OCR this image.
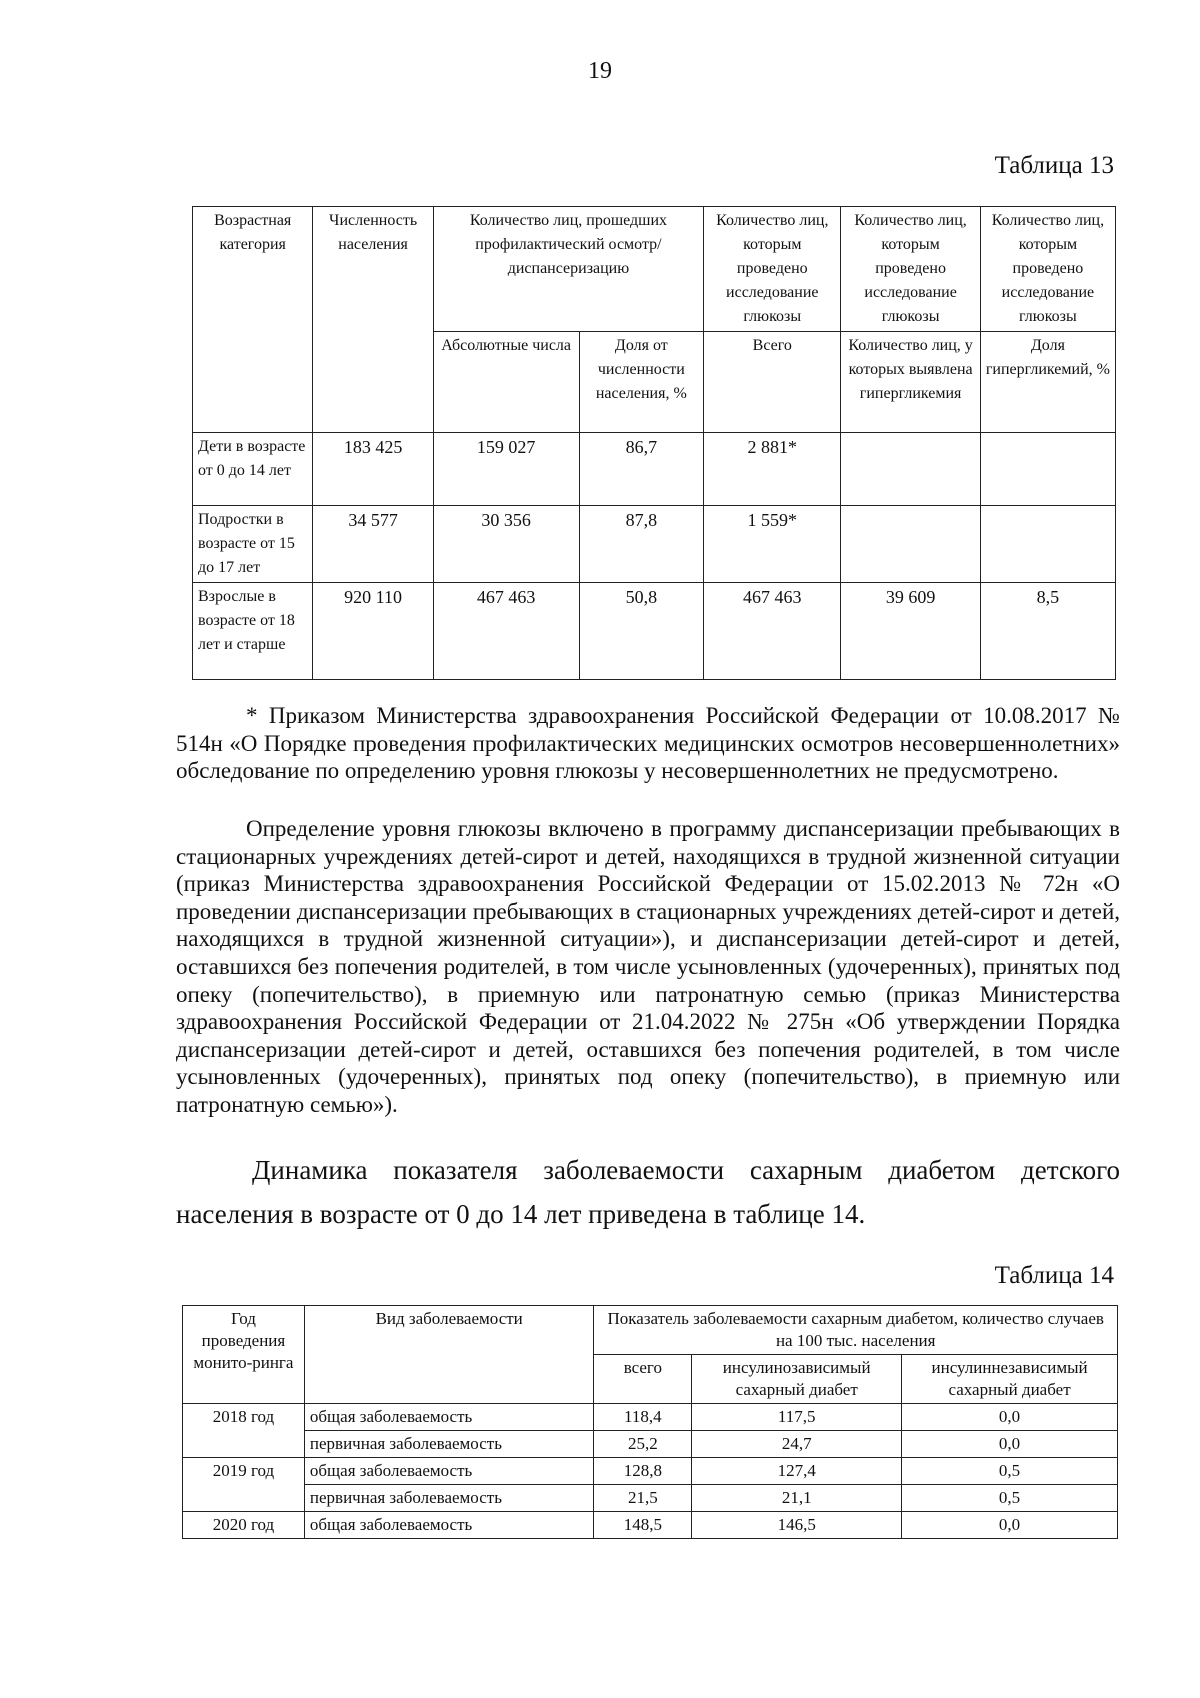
19
Таблица 13
Возрастная категория	Численность населения	Количество лиц, прошедших профилактический осмотр/ диспансеризацию		Количество лиц, которым проведено исследование глюкозы	Количество лиц, которым проведено исследование глюкозы	Количество лиц, которым проведено исследование глюкозы
		Абсолютные числа	Доля от численности населения, %	Всего	Количество лиц, у которых выявлена гипергликемия	Доля гипергликемий, %
Дети в возрасте от 0 до 14 лет	183 425	159 027	86,7	2 881*		
Подростки в возрасте от 15 до 17 лет	34 577	30 356	87,8	1 559*		
Взрослые в возрасте от 18 лет и старше	920 110	467 463	50,8	467 463	39 609	8,5
* Приказом Министерства здравоохранения Российской Федерации от 10.08.2017 № 514н «О Порядке проведения профилактических медицинских осмотров несовершеннолетних» обследование по определению уровня глюкозы у несовершеннолетних не предусмотрено.
Определение уровня глюкозы включено в программу диспансеризации пребывающих в стационарных учреждениях детей-сирот и детей, находящихся в трудной жизненной ситуации (приказ Министерства здравоохранения Российской Федерации от 15.02.2013 № 72н «О проведении диспансеризации пребывающих в стационарных учреждениях детей-сирот и детей, находящихся в трудной жизненной ситуации»), и диспансеризации детей-сирот и детей, оставшихся без попечения родителей, в том числе усыновленных (удочеренных), принятых под опеку (попечительство), в приемную или патронатную семью (приказ Министерства здравоохранения Российской Федерации от 21.04.2022 № 275н «Об утверждении Порядка диспансеризации детей-сирот и детей, оставшихся без попечения родителей, в том числе усыновленных (удочеренных), принятых под опеку (попечительство), в приемную или патронатную семью»).
Динамика показателя заболеваемости сахарным диабетом детского населения в возрасте от 0 до 14 лет приведена в таблице 14.
Таблица 14
Год проведения монито-ринга	Вид заболеваемости	Показатель заболеваемости сахарным диабетом, количество случаев на 100 тыс. населения		
		всего	инсулинозависимый сахарный диабет	инсулиннезависимый сахарный диабет
2018 год	общая заболеваемость	118,4	117,5	0,0
	первичная заболеваемость	25,2	24,7	0,0
2019 год	общая заболеваемость	128,8	127,4	0,5
	первичная заболеваемость	21,5	21,1	0,5
2020 год	общая заболеваемость	148,5	146,5	0,0
